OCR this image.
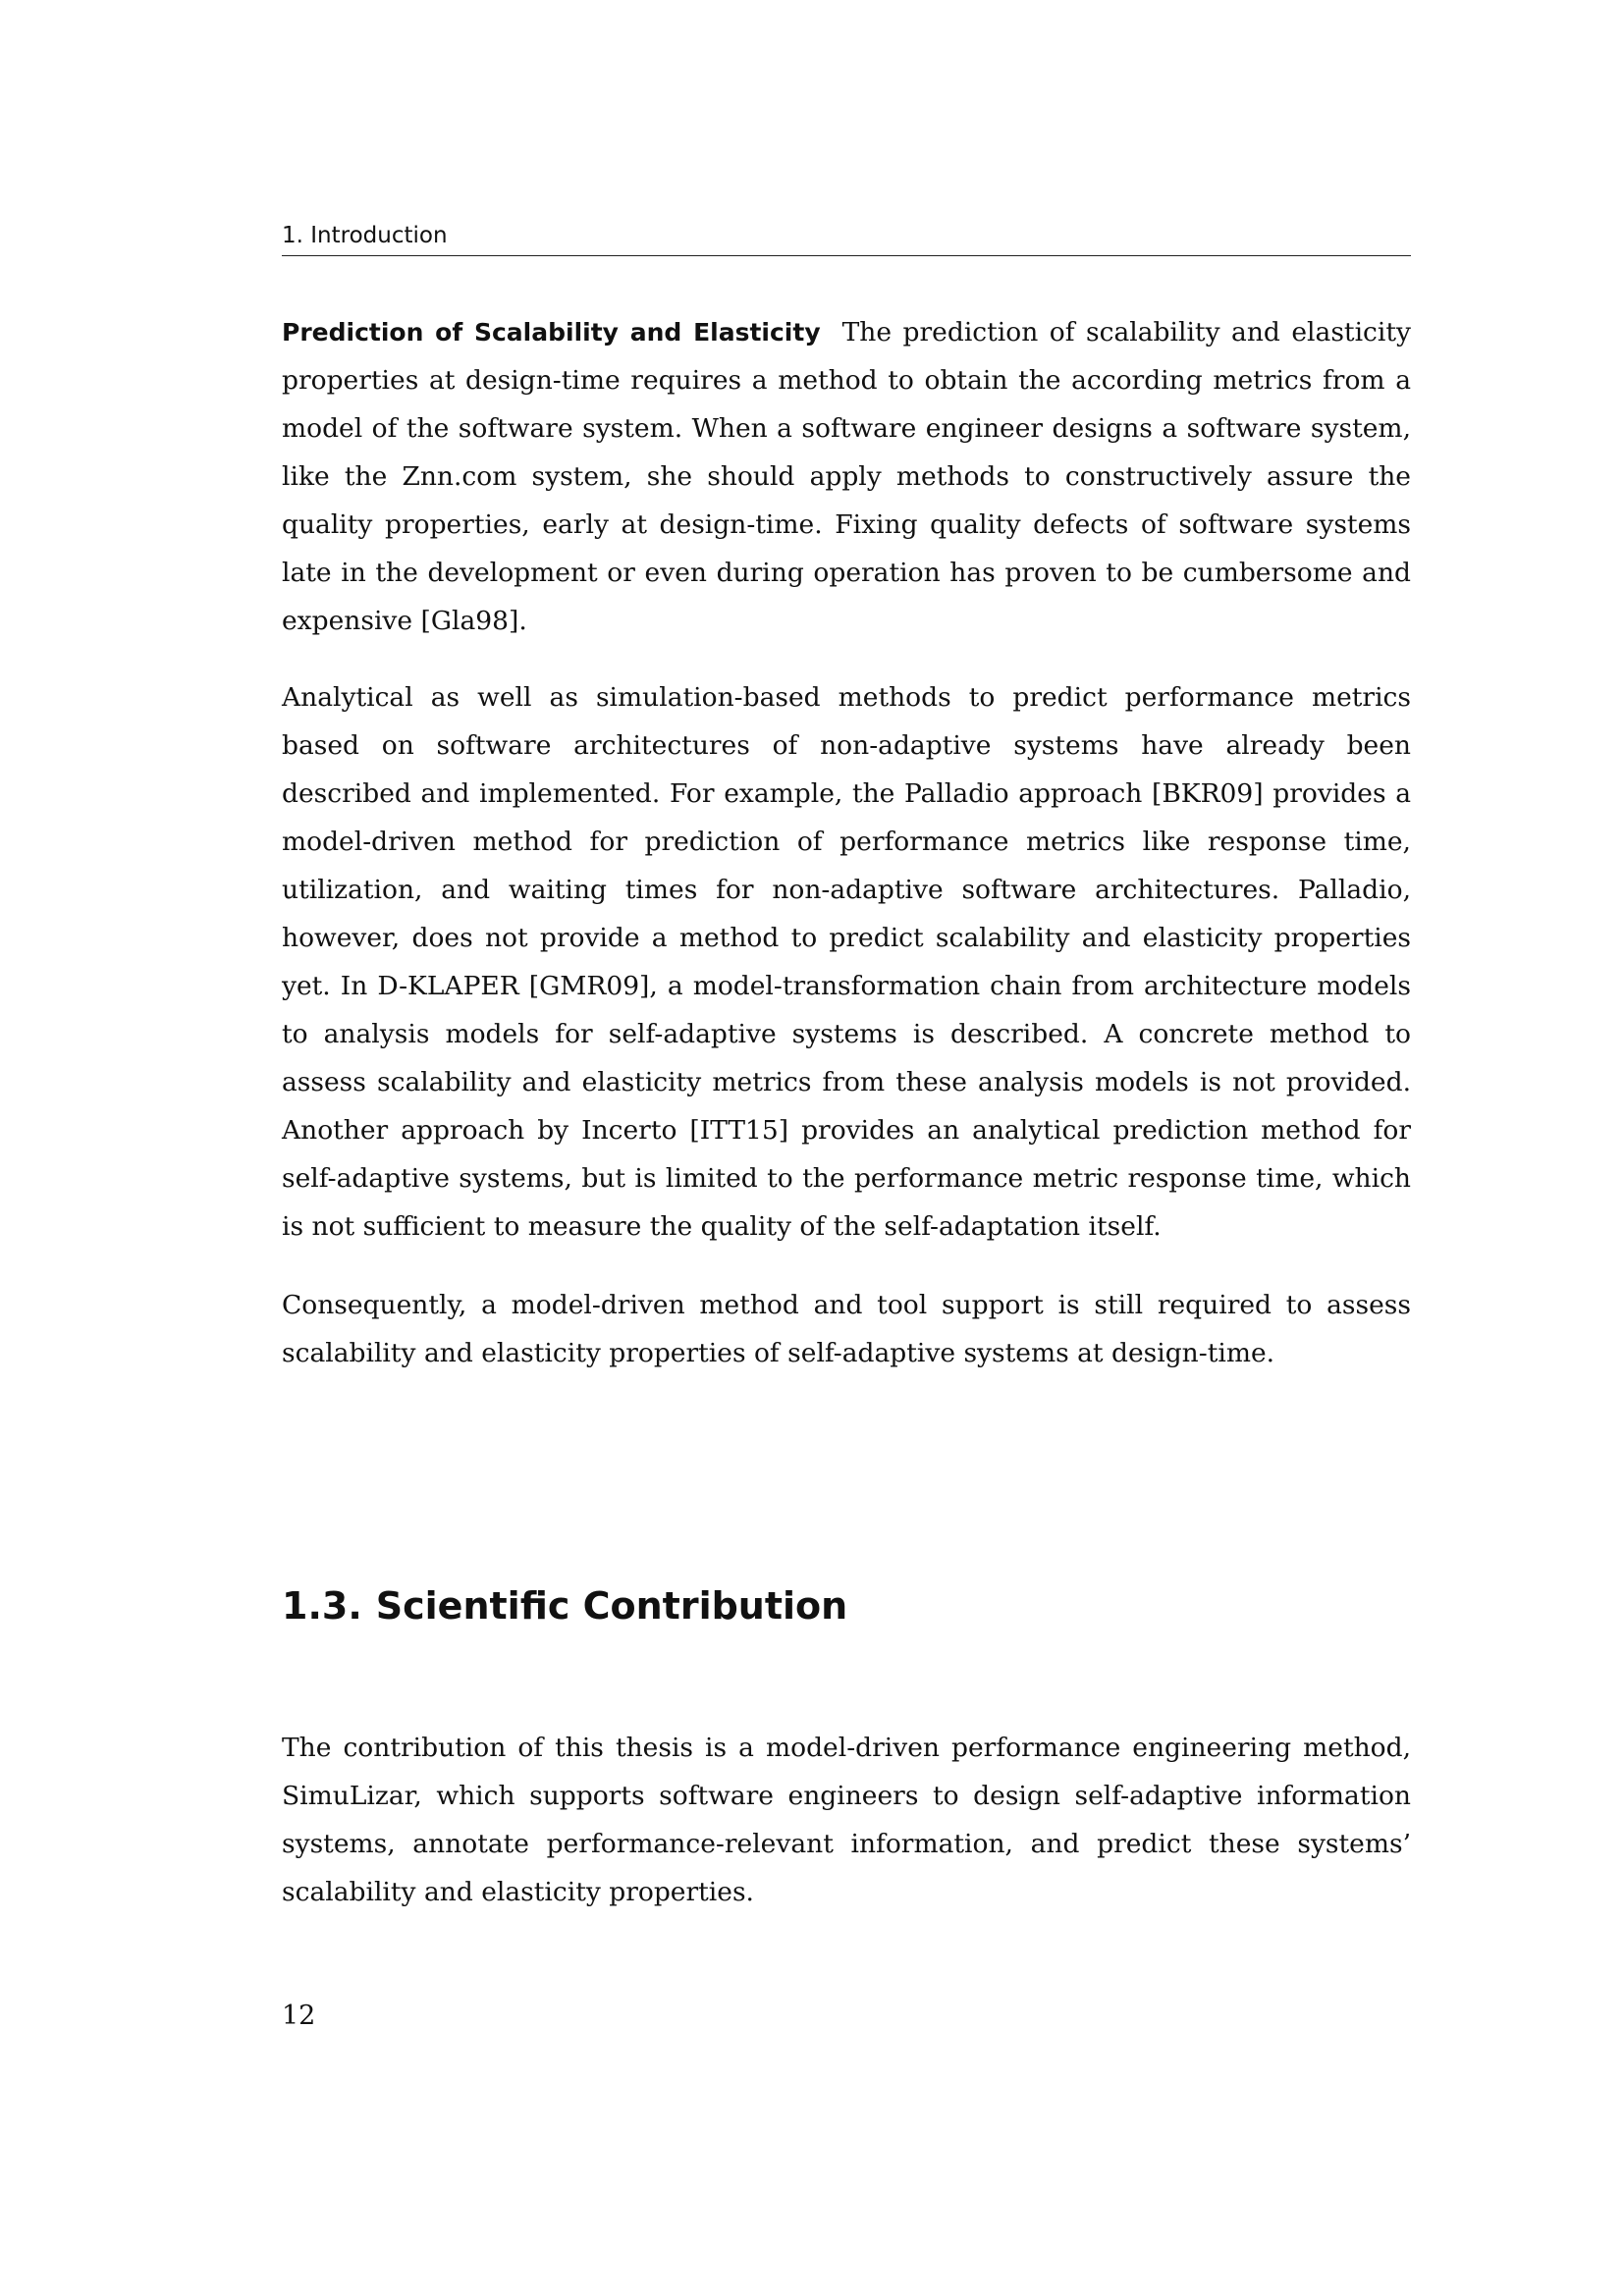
1. Introduction

Prediction of Scalability and Elasticity The prediction of scalability and elasticity properties at design-time requires a method to obtain the according metrics from a model of the software system. When a software engineer designs a software system, like the Znn.com system, she should apply methods to constructively assure the quality properties, early at design-time. Fixing quality defects of software systems late in the development or even during operation has proven to be cumbersome and expensive [Gla98].

Analytical as well as simulation-based methods to predict performance metrics based on software architectures of non-adaptive systems have already been described and implemented. For example, the Palladio approach [BKR09] provides a model-driven method for prediction of performance metrics like response time, utilization, and waiting times for non-adaptive software architectures. Palladio, however, does not provide a method to predict scalability and elasticity properties yet. In D-KLAPER [GMR09], a model-transformation chain from architecture models to analysis models for self-adaptive systems is described. A concrete method to assess scalability and elasticity metrics from these analysis models is not provided. Another approach by Incerto [ITT15] provides an analytical prediction method for self-adaptive systems, but is limited to the performance metric response time, which is not sufficient to measure the quality of the self-adaptation itself.

Consequently, a model-driven method and tool support is still required to assess scalability and elasticity properties of self-adaptive systems at design-time.

1.3. Scientific Contribution

The contribution of this thesis is a model-driven performance engineering method, SimuLizar, which supports software engineers to design self-adaptive information systems, annotate performance-relevant information, and predict these systems’ scalability and elasticity properties.

12
